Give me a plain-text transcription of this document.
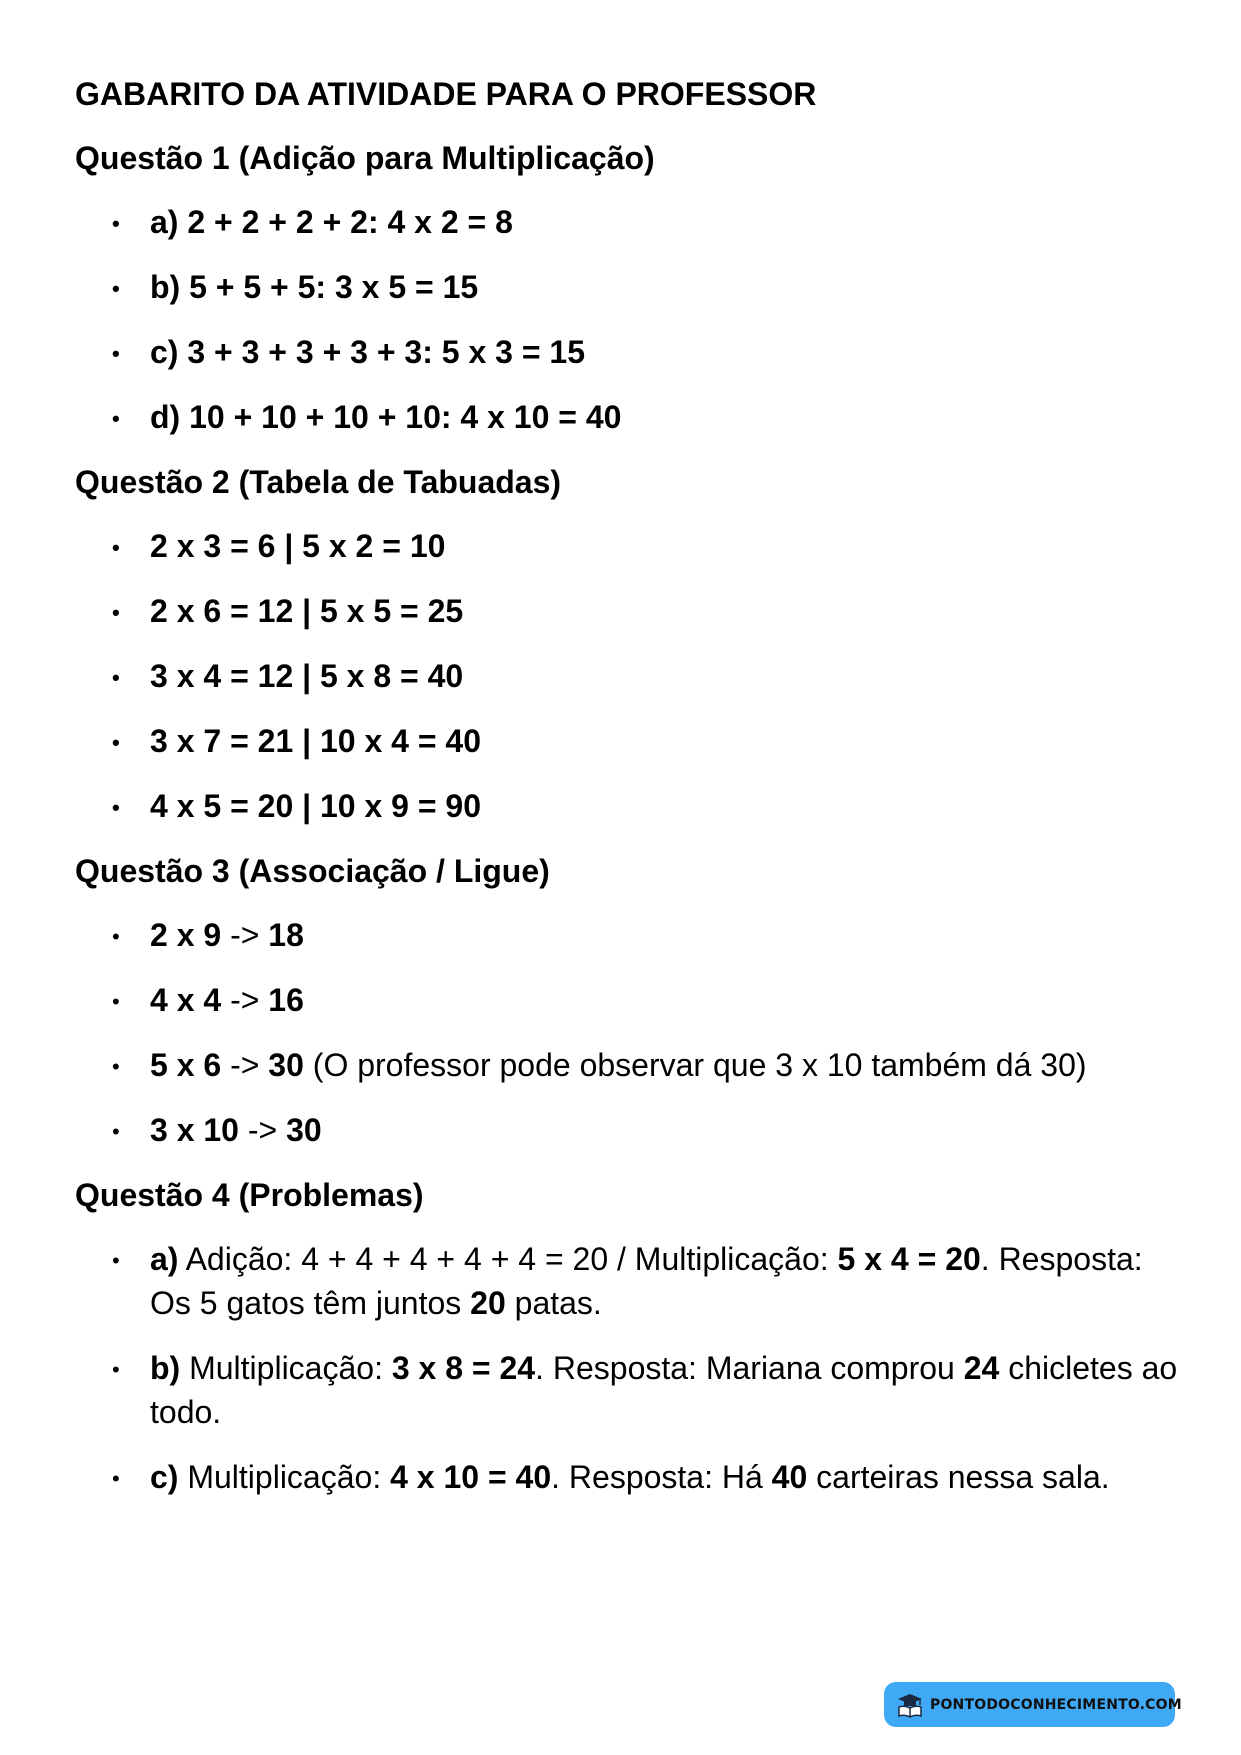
GABARITO DA ATIVIDADE PARA O PROFESSOR
Questão 1 (Adição para Multiplicação)
• a) 2 + 2 + 2 + 2: 4 x 2 = 8
• b) 5 + 5 + 5: 3 x 5 = 15
• c) 3 + 3 + 3 + 3 + 3: 5 x 3 = 15
• d) 10 + 10 + 10 + 10: 4 x 10 = 40
Questão 2 (Tabela de Tabuadas)
• 2 x 3 = 6 | 5 x 2 = 10
• 2 x 6 = 12 | 5 x 5 = 25
• 3 x 4 = 12 | 5 x 8 = 40
• 3 x 7 = 21 | 10 x 4 = 40
• 4 x 5 = 20 | 10 x 9 = 90
Questão 3 (Associação / Ligue)
• 2 x 9 -> 18
• 4 x 4 -> 16
• 5 x 6 -> 30 (O professor pode observar que 3 x 10 também dá 30)
• 3 x 10 -> 30
Questão 4 (Problemas)
• a) Adição: 4 + 4 + 4 + 4 + 4 = 20 / Multiplicação: 5 x 4 = 20. Resposta: Os 5 gatos têm juntos 20 patas.
• b) Multiplicação: 3 x 8 = 24. Resposta: Mariana comprou 24 chicletes ao todo.
• c) Multiplicação: 4 x 10 = 40. Resposta: Há 40 carteiras nessa sala.
PONTODOCONHECIMENTO.COM
